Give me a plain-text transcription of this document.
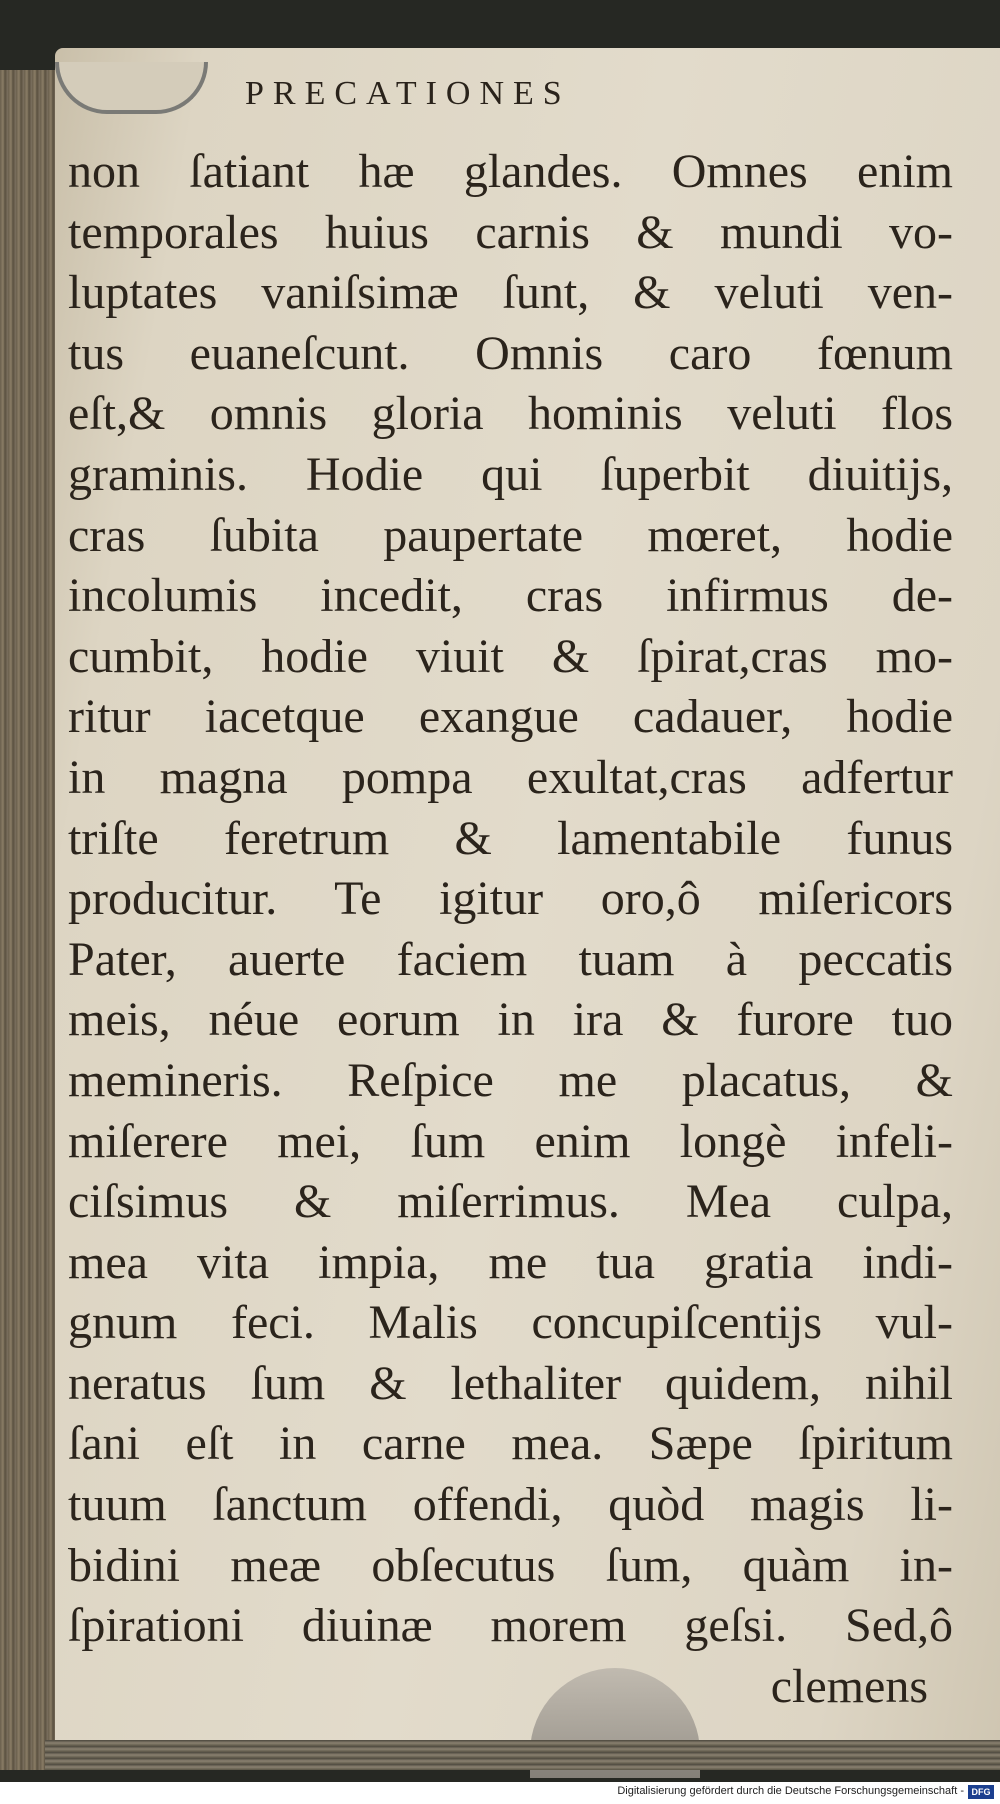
PRECATIONES
non ſatiant hæ glandes. Omnes enim
temporales huius carnis & mundi vo-
luptates vaniſsimæ ſunt, & veluti ven-
tus euaneſcunt. Omnis caro fœnum
eſt,& omnis gloria hominis veluti flos
graminis. Hodie qui ſuperbit diuitijs,
cras ſubita paupertate mœret, hodie
incolumis incedit, cras infirmus de-
cumbit, hodie viuit & ſpirat,cras mo-
ritur iacetque exangue cadauer, hodie
in magna pompa exultat,cras adfertur
triſte feretrum & lamentabile funus
producitur. Te igitur oro,ô miſericors
Pater, auerte faciem tuam à peccatis
meis, néue eorum in ira & furore tuo
memineris. Reſpice me placatus, &
miſerere mei, ſum enim longè infeli-
ciſsimus & miſerrimus. Mea culpa,
mea vita impia, me tua gratia indi-
gnum feci. Malis concupiſcentijs vul-
neratus ſum & lethaliter quidem, nihil
ſani eſt in carne mea. Sæpe ſpiritum
tuum ſanctum offendi, quòd magis li-
bidini meæ obſecutus ſum, quàm in-
ſpirationi diuinæ morem geſsi. Sed,ô
clemens
Digitalisierung gefördert durch die Deutsche Forschungsgemeinschaft - DFG
